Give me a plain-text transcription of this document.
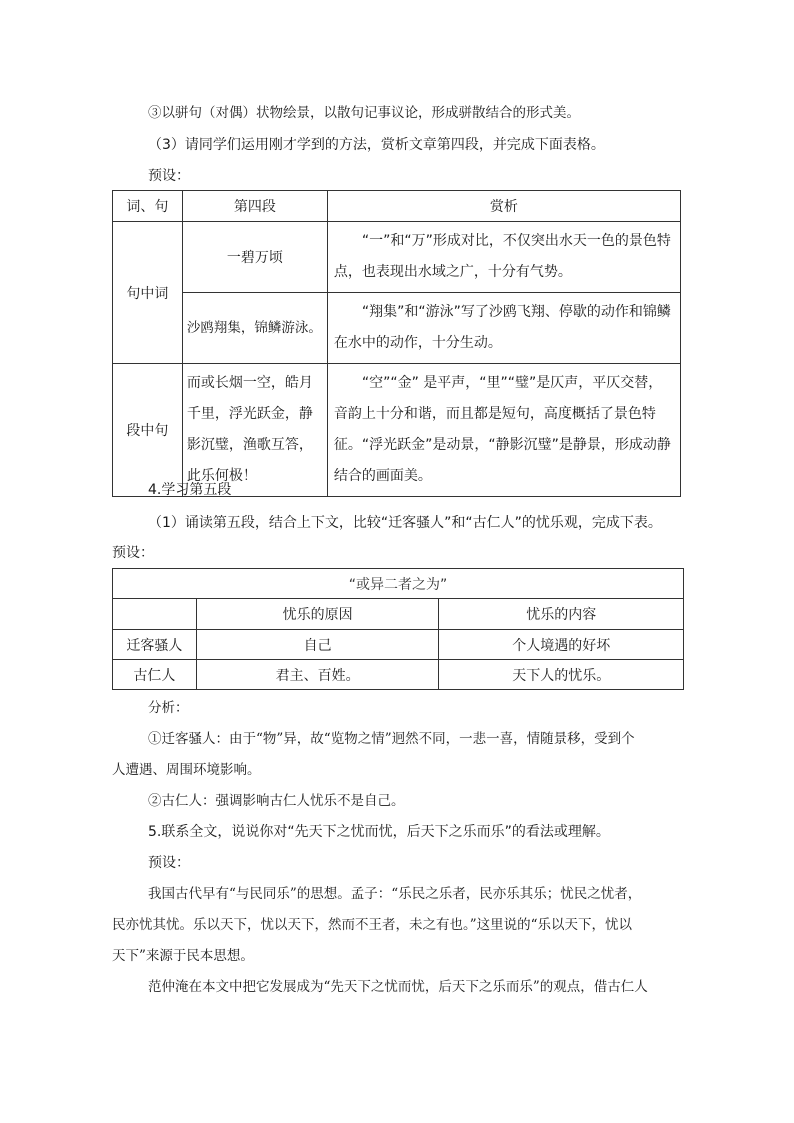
③以骈句（对偶）状物绘景，以散句记事议论，形成骈散结合的形式美。
（3）请同学们运用刚才学到的方法，赏析文章第四段，并完成下面表格。
预设：
词、句	第四段	赏析
句中词	一碧万顷	“一”和“万”形成对比，不仅突出水天一色的景色特点，也表现出水域之广，十分有气势。
	沙鸥翔集，锦鳞游泳。	“翔集”和“游泳”写了沙鸥飞翔、停歇的动作和锦鳞在水中的动作，十分生动。
段中句	而或长烟一空，皓月千里，浮光跃金，静影沉璧，渔歌互答，此乐何极！	“空”“金” 是平声，“里”“璧”是仄声，平仄交替，音韵上十分和谐，而且都是短句，高度概括了景色特征。“浮光跃金”是动景，“静影沉璧”是静景，形成动静结合的画面美。
4.学习第五段
（1）诵读第五段，结合上下文，比较“迁客骚人”和“古仁人”的忧乐观，完成下表。
预设：
“或异二者之为”		
	忧乐的原因	忧乐的内容
迁客骚人	自己	个人境遇的好坏
古仁人	君主、百姓。	天下人的忧乐。
分析：
①迁客骚人：由于“物”异，故“览物之情”迥然不同，一悲一喜，情随景移，受到个
人遭遇、周围环境影响。
②古仁人：强调影响古仁人忧乐不是自己。
5.联系全文，说说你对“先天下之忧而忧，后天下之乐而乐”的看法或理解。
预设：
我国古代早有“与民同乐”的思想。孟子：“乐民之乐者，民亦乐其乐；忧民之忧者，
民亦忧其忧。乐以天下，忧以天下，然而不王者，未之有也。”这里说的“乐以天下，忧以
天下”来源于民本思想。
范仲淹在本文中把它发展成为“先天下之忧而忧，后天下之乐而乐”的观点，借古仁人
